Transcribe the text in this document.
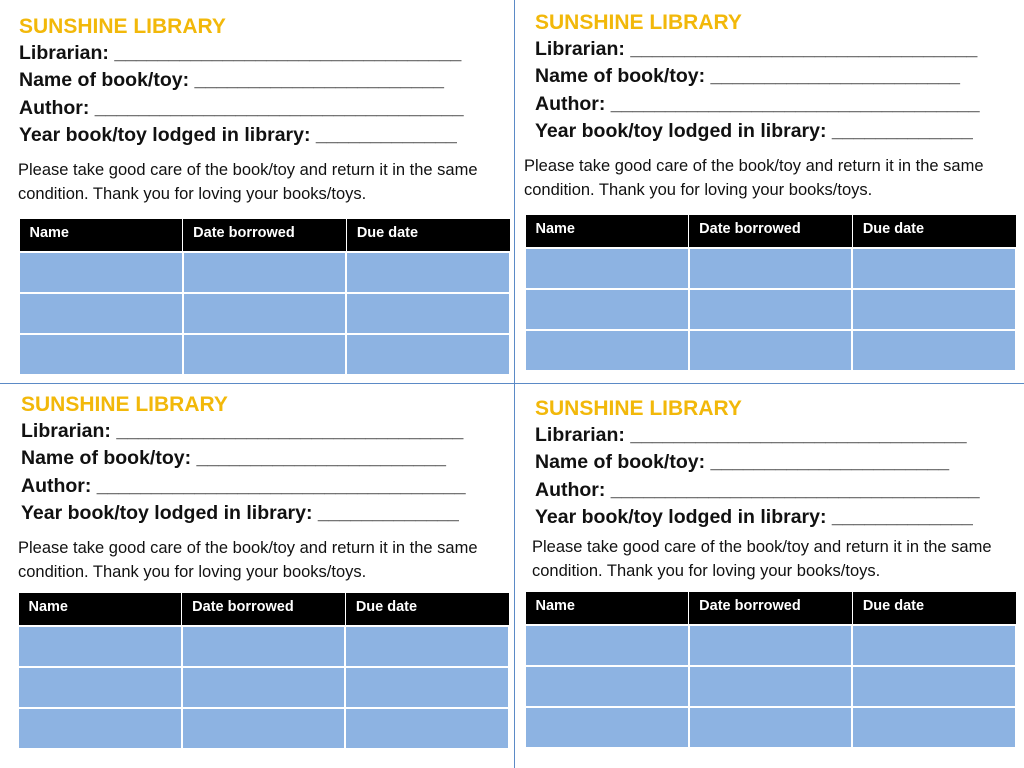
SUNSHINE LIBRARY
Librarian: ________________________________
Name of book/toy: _______________________
Author: __________________________________
Year book/toy lodged in library: _____________
Please take good care of the book/toy and return it in the same condition. Thank you for loving your books/toys.
Name	Date borrowed	Due date

SUNSHINE LIBRARY
Librarian: ________________________________
Name of book/toy: _______________________
Author: __________________________________
Year book/toy lodged in library: _____________
Please take good care of the book/toy and return it in the same condition. Thank you for loving your books/toys.
Name	Date borrowed	Due date

SUNSHINE LIBRARY
Librarian: ________________________________
Name of book/toy: _______________________
Author: __________________________________
Year book/toy lodged in library: _____________
Please take good care of the book/toy and return it in the same condition. Thank you for loving your books/toys.
Name	Date borrowed	Due date

SUNSHINE LIBRARY
Librarian: _______________________________
Name of book/toy: ______________________
Author: __________________________________
Year book/toy lodged in library: _____________
Please take good care of the book/toy and return it in the same condition. Thank you for loving your books/toys.
Name	Date borrowed	Due date
